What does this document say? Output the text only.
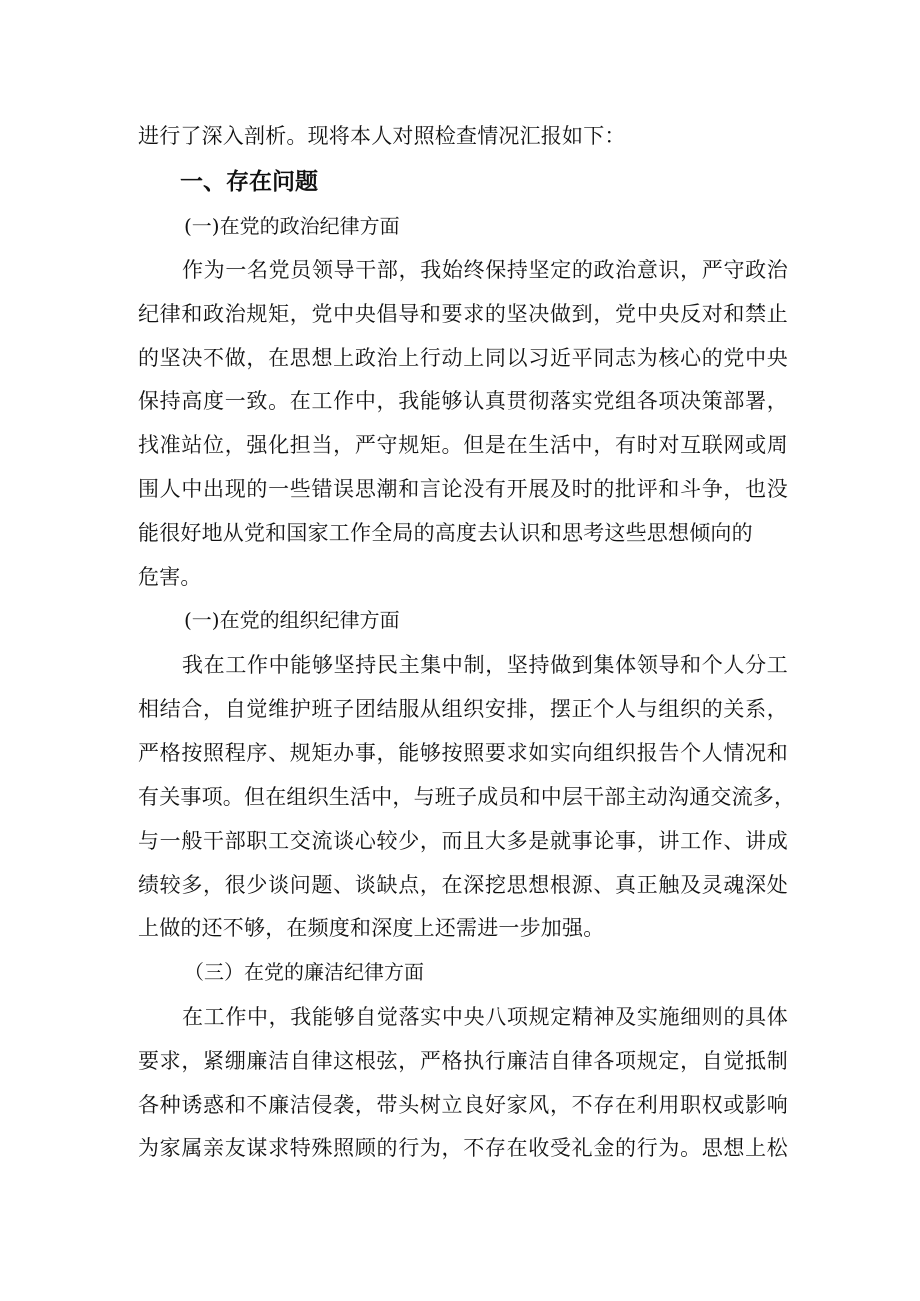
进行了深入剖析。现将本人对照检查情况汇报如下：
一、存在问题
(一)在党的政治纪律方面
作为一名党员领导干部，我始终保持坚定的政治意识，严守政治
纪律和政治规矩，党中央倡导和要求的坚决做到，党中央反对和禁止
的坚决不做，在思想上政治上行动上同以习近平同志为核心的党中央
保持高度一致。在工作中，我能够认真贯彻落实党组各项决策部署，
找准站位，强化担当，严守规矩。但是在生活中，有时对互联网或周
围人中出现的一些错误思潮和言论没有开展及时的批评和斗争，也没
能很好地从党和国家工作全局的高度去认识和思考这些思想倾向的
危害。
(一)在党的组织纪律方面
我在工作中能够坚持民主集中制，坚持做到集体领导和个人分工
相结合，自觉维护班子团结服从组织安排，摆正个人与组织的关系，
严格按照程序、规矩办事，能够按照要求如实向组织报告个人情况和
有关事项。但在组织生活中，与班子成员和中层干部主动沟通交流多，
与一般干部职工交流谈心较少，而且大多是就事论事，讲工作、讲成
绩较多，很少谈问题、谈缺点，在深挖思想根源、真正触及灵魂深处
上做的还不够，在频度和深度上还需进一步加强。
（三）在党的廉洁纪律方面
在工作中，我能够自觉落实中央八项规定精神及实施细则的具体
要求，紧绷廉洁自律这根弦，严格执行廉洁自律各项规定，自觉抵制
各种诱惑和不廉洁侵袭，带头树立良好家风，不存在利用职权或影响
为家属亲友谋求特殊照顾的行为，不存在收受礼金的行为。思想上松
